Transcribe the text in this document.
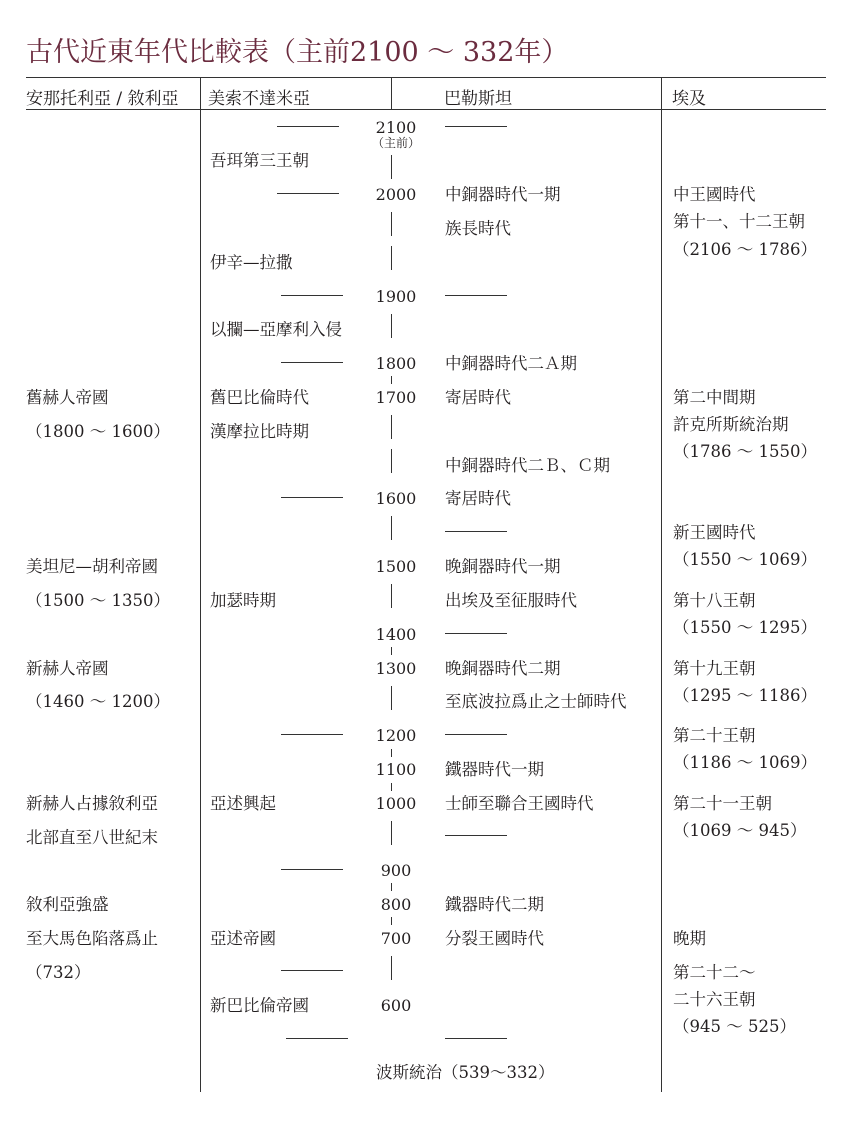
古代近東年代比較表（主前2100 〜 332年）
安那托利亞 / 敘利亞 美索不達米亞	巴勒斯坦	埃及
2100
（主前）
2000
1900
1800
1700
1600
1500
1400
1300
1200
1100
1000
900
800
700
600
舊赫人帝國
（1800 〜 1600）
美坦尼—胡利帝國
（1500 〜 1350）
新赫人帝國
（1460 〜 1200）
新赫人占據敘利亞
北部直至八世紀末
敘利亞強盛
至大馬色陷落爲止
（732）
吾珥第三王朝
伊辛—拉撒
以攔—亞摩利入侵
舊巴比倫時代
漢摩拉比時期
加瑟時期
亞述興起
亞述帝國
新巴比倫帝國
波斯統治（539〜332）
中銅器時代一期
族長時代
中銅器時代二Ａ期
寄居時代
中銅器時代二Ｂ、Ｃ期
寄居時代
晚銅器時代一期
出埃及至征服時代
晚銅器時代二期
至底波拉爲止之士師時代
鐵器時代一期
士師至聯合王國時代
鐵器時代二期
分裂王國時代
中王國時代
第十一、十二王朝
（2106 〜 1786）
第二中間期
許克所斯統治期
（1786 〜 1550）
新王國時代
（1550 〜 1069）
第十八王朝
（1550 〜 1295）
第十九王朝
（1295 〜 1186）
第二十王朝
（1186 〜 1069）
第二十一王朝
（1069 〜 945）
晚期
第二十二〜
二十六王朝
（945 〜 525）
